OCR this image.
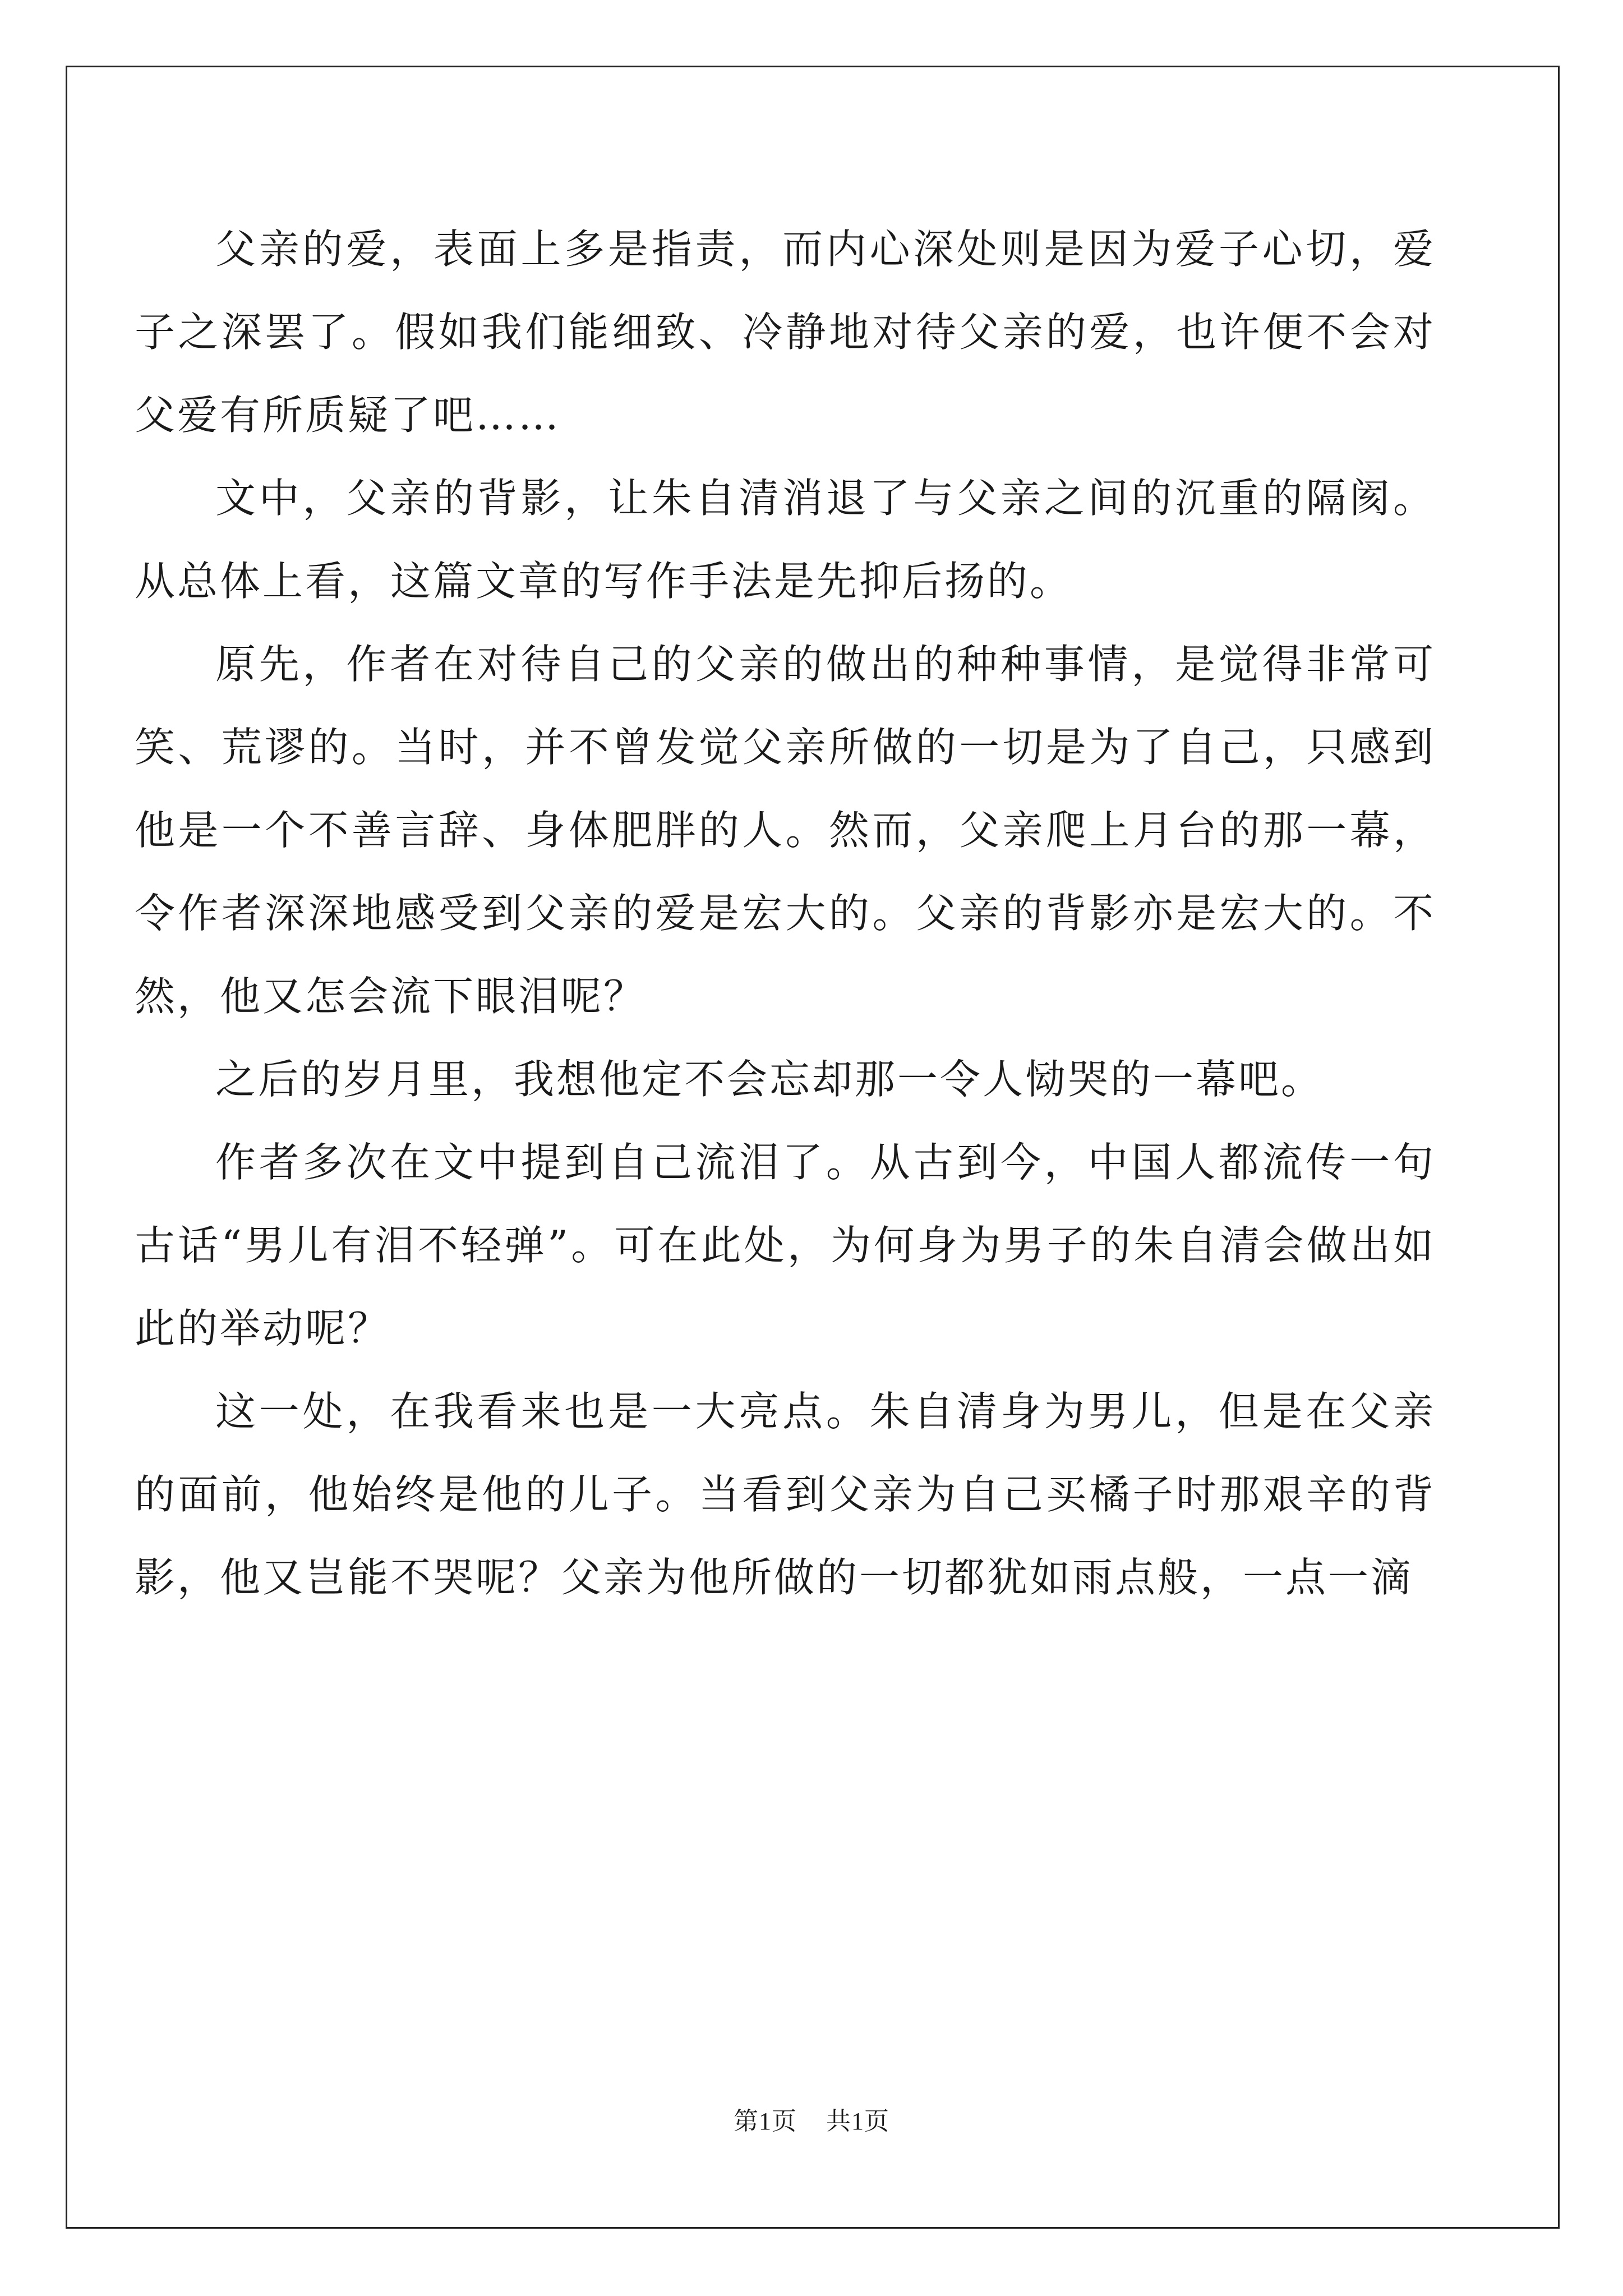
父亲的爱，表面上多是指责，而内心深处则是因为爱子心切，爱子之深罢了。假如我们能细致、冷静地对待父亲的爱，也许便不会对父爱有所质疑了吧……

文中，父亲的背影，让朱自清消退了与父亲之间的沉重的隔阂。从总体上看，这篇文章的写作手法是先抑后扬的。

原先，作者在对待自己的父亲的做出的种种事情，是觉得非常可笑、荒谬的。当时，并不曾发觉父亲所做的一切是为了自己，只感到他是一个不善言辞、身体肥胖的人。然而，父亲爬上月台的那一幕，令作者深深地感受到父亲的爱是宏大的。父亲的背影亦是宏大的。不然，他又怎会流下眼泪呢？

之后的岁月里，我想他定不会忘却那一令人恸哭的一幕吧。

作者多次在文中提到自己流泪了。从古到今，中国人都流传一句古话“男儿有泪不轻弹”。可在此处，为何身为男子的朱自清会做出如此的举动呢？

这一处，在我看来也是一大亮点。朱自清身为男儿，但是在父亲的面前，他始终是他的儿子。当看到父亲为自己买橘子时那艰辛的背影，他又岂能不哭呢？父亲为他所做的一切都犹如雨点般，一点一滴

第1页 共1页
